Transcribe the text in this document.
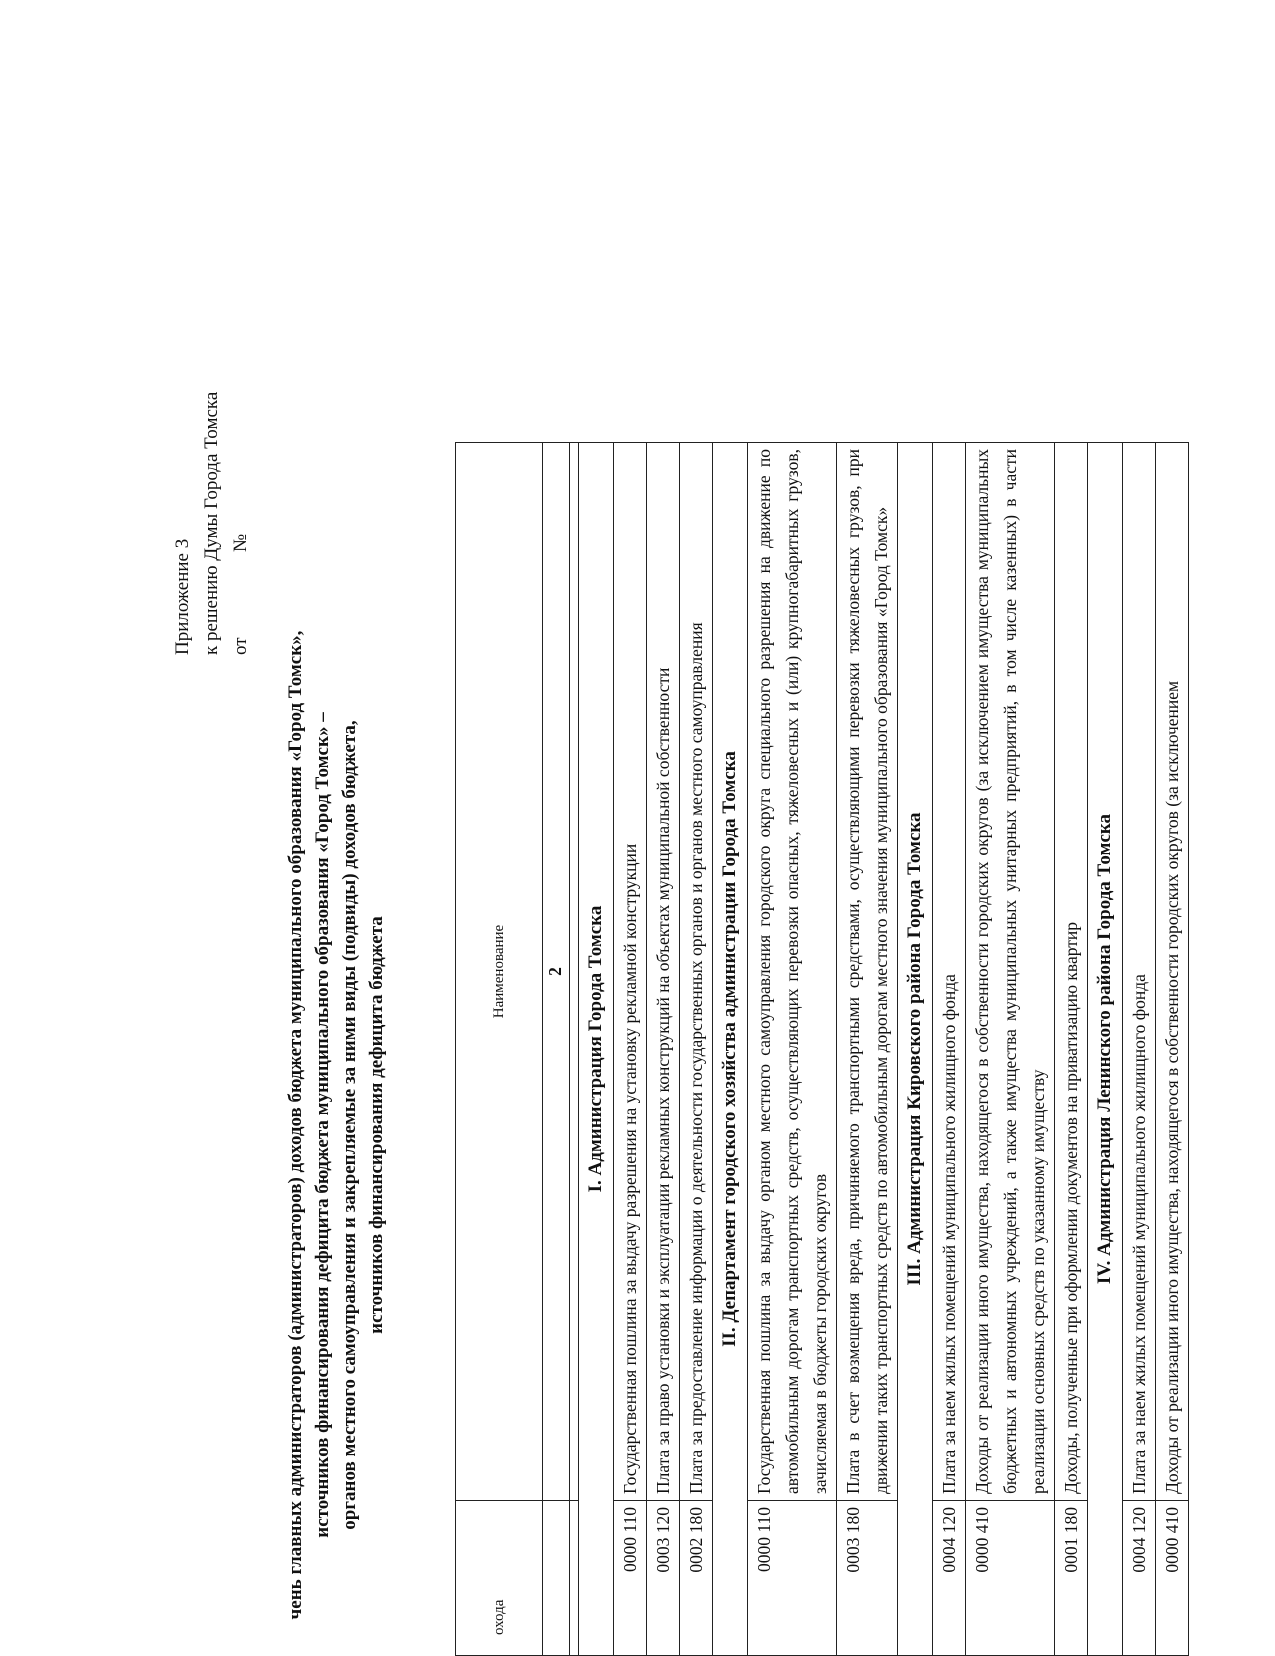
Приложение 3 к решению Думы Города Томска от                  №
чень главных администраторов (администраторов) доходов бюджета муниципального образования «Город Томск», источников финансирования дефицита бюджета муниципального образования «Город Томск» – органов местного самоуправления и закрепляемые за ними виды (подвиды) доходов бюджета, источников финансирования дефицита бюджета
охода	Наименование
	2

I. Администрация Города Томска	
0000 110	Государственная пошлина за выдачу разрешения на установку рекламной конструкции
0003 120	Плата за право установки и эксплуатации рекламных конструкций на объектах муниципальной собственности
0002 180	Плата за предоставление информации о деятельности государственных органов и органов местного самоуправления
II. Департамент городского хозяйства администрации Города Томска	
0000 110	Государственная пошлина за выдачу органом местного самоуправления городского округа специального разрешения на движение по автомобильным дорогам транспортных средств, осуществляющих перевозки опасных, тяжеловесных и (или) крупногабаритных грузов, зачисляемая в бюджеты городских округов
0003 180	Плата в счет возмещения вреда, причиняемого транспортными средствами, осуществляющими перевозки тяжеловесных грузов, при движении таких транспортных средств по автомобильным дорогам местного значения муниципального образования «Город Томск»
III. Администрация Кировского района Города Томска	
0004 120	Плата за наем жилых помещений муниципального жилищного фонда
0000 410	Доходы от реализации иного имущества, находящегося в собственности городских округов (за исключением имущества муниципальных бюджетных и автономных учреждений, а также имущества муниципальных унитарных предприятий, в том числе казенных) в части реализации основных средств по указанному имуществу
0001 180	Доходы, полученные при оформлении документов на приватизацию квартир
IV. Администрация Ленинского района Города Томска	
0004 120	Плата за наем жилых помещений муниципального жилищного фонда
0000 410	Доходы от реализации иного имущества, находящегося в собственности городских округов (за исключением
